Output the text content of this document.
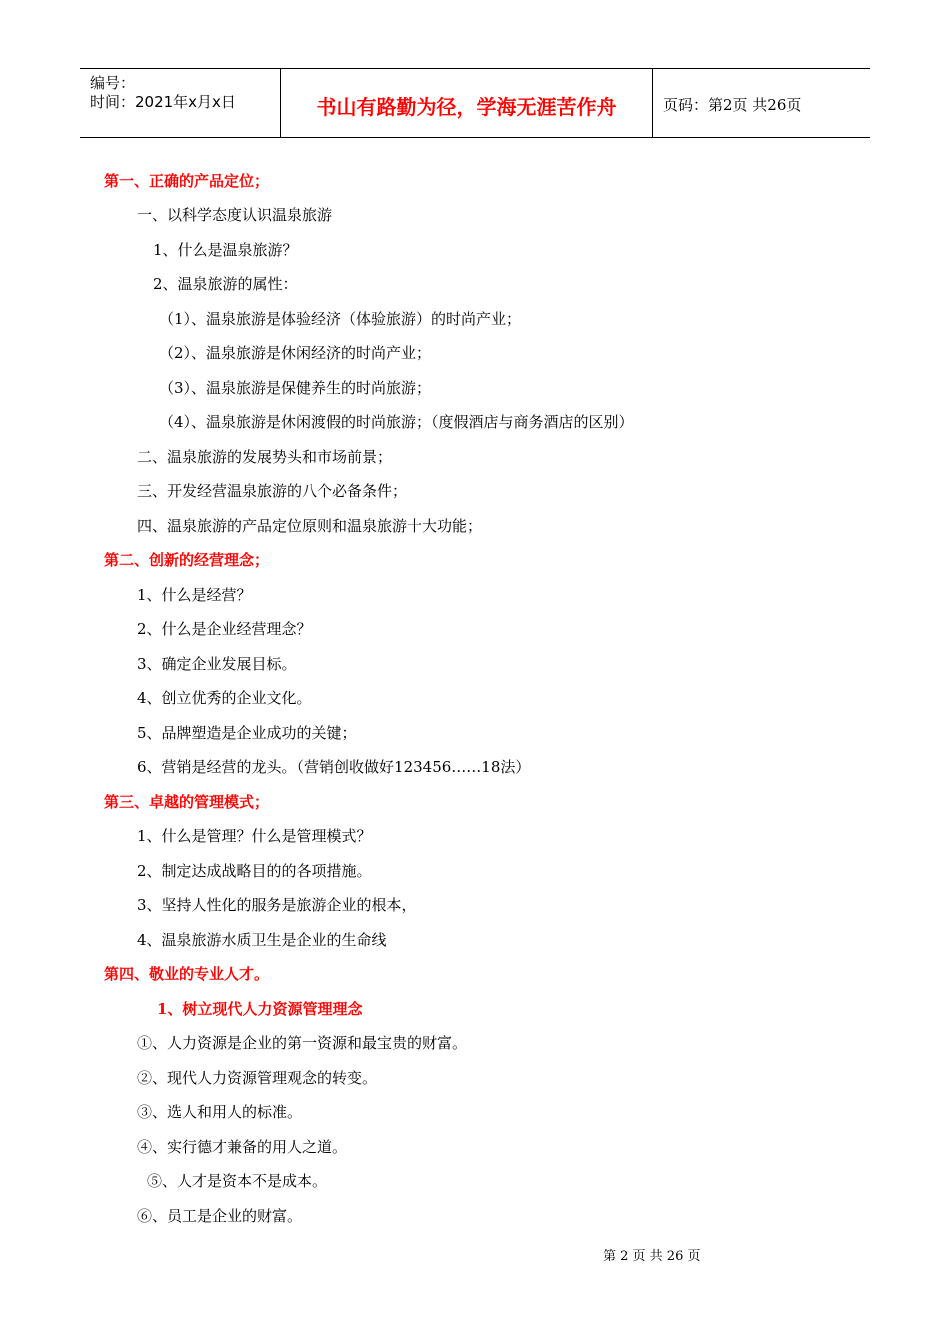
编号：
时间：2021年x月x日	书山有路勤为径，学海无涯苦作舟	页码：第2页 共26页
第一、正确的产品定位；
一、以科学态度认识温泉旅游
1、什么是温泉旅游？
2、温泉旅游的属性：
（1）、温泉旅游是体验经济（体验旅游）的时尚产业；
（2）、温泉旅游是休闲经济的时尚产业；
（3）、温泉旅游是保健养生的时尚旅游；
（4）、温泉旅游是休闲渡假的时尚旅游；（度假酒店与商务酒店的区别）
二、温泉旅游的发展势头和市场前景；
三、开发经营温泉旅游的八个必备条件；
四、温泉旅游的产品定位原则和温泉旅游十大功能；
第二、创新的经营理念；
1、什么是经营？
2、什么是企业经营理念？
3、确定企业发展目标。
4、创立优秀的企业文化。
5、品牌塑造是企业成功的关键；
6、营销是经营的龙头。（营销创收做好123456……18法）
第三、卓越的管理模式；
1、什么是管理？什么是管理模式？
2、制定达成战略目的的各项措施。
3、坚持人性化的服务是旅游企业的根本，
4、温泉旅游水质卫生是企业的生命线
第四、敬业的专业人才。
1、树立现代人力资源管理理念
①、人力资源是企业的第一资源和最宝贵的财富。
②、现代人力资源管理观念的转变。
③、选人和用人的标准。
④、实行德才兼备的用人之道。
⑤、人才是资本不是成本。
⑥、员工是企业的财富。
第 2 页 共 26 页
